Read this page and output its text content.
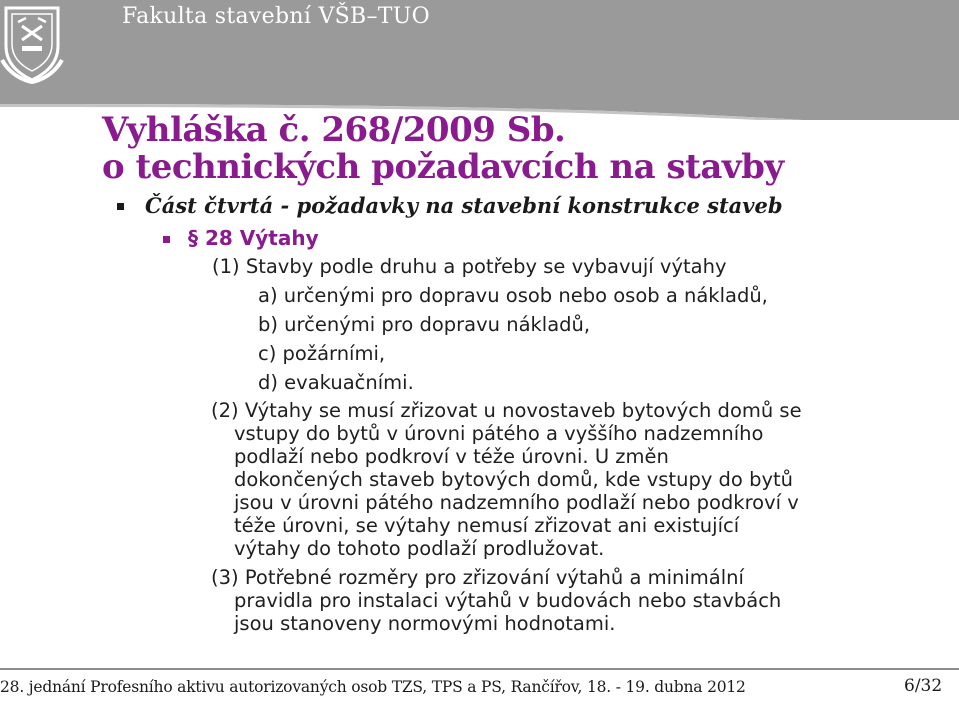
Fakulta stavební VŠB–TUO
Vyhláška č. 268/2009 Sb.
o technických požadavcích na stavby
Část čtvrtá - požadavky na stavební konstrukce staveb
§ 28 Výtahy
(1) Stavby podle druhu a potřeby se vybavují výtahy
a) určenými pro dopravu osob nebo osob a nákladů,
b) určenými pro dopravu nákladů,
c) požárními,
d) evakuačními.
(2) Výtahy se musí zřizovat u novostaveb bytových domů se
vstupy do bytů v úrovni pátého a vyššího nadzemního
podlaží nebo podkroví v téže úrovni. U změn
dokončených staveb bytových domů, kde vstupy do bytů
jsou v úrovni pátého nadzemního podlaží nebo podkroví v
téže úrovni, se výtahy nemusí zřizovat ani existující
výtahy do tohoto podlaží prodlužovat.
(3) Potřebné rozměry pro zřizování výtahů a minimální
pravidla pro instalaci výtahů v budovách nebo stavbách
jsou stanoveny normovými hodnotami.
28. jednání Profesního aktivu autorizovaných osob TZS, TPS a PS, Rančířov, 18. - 19. dubna 2012	6/32
